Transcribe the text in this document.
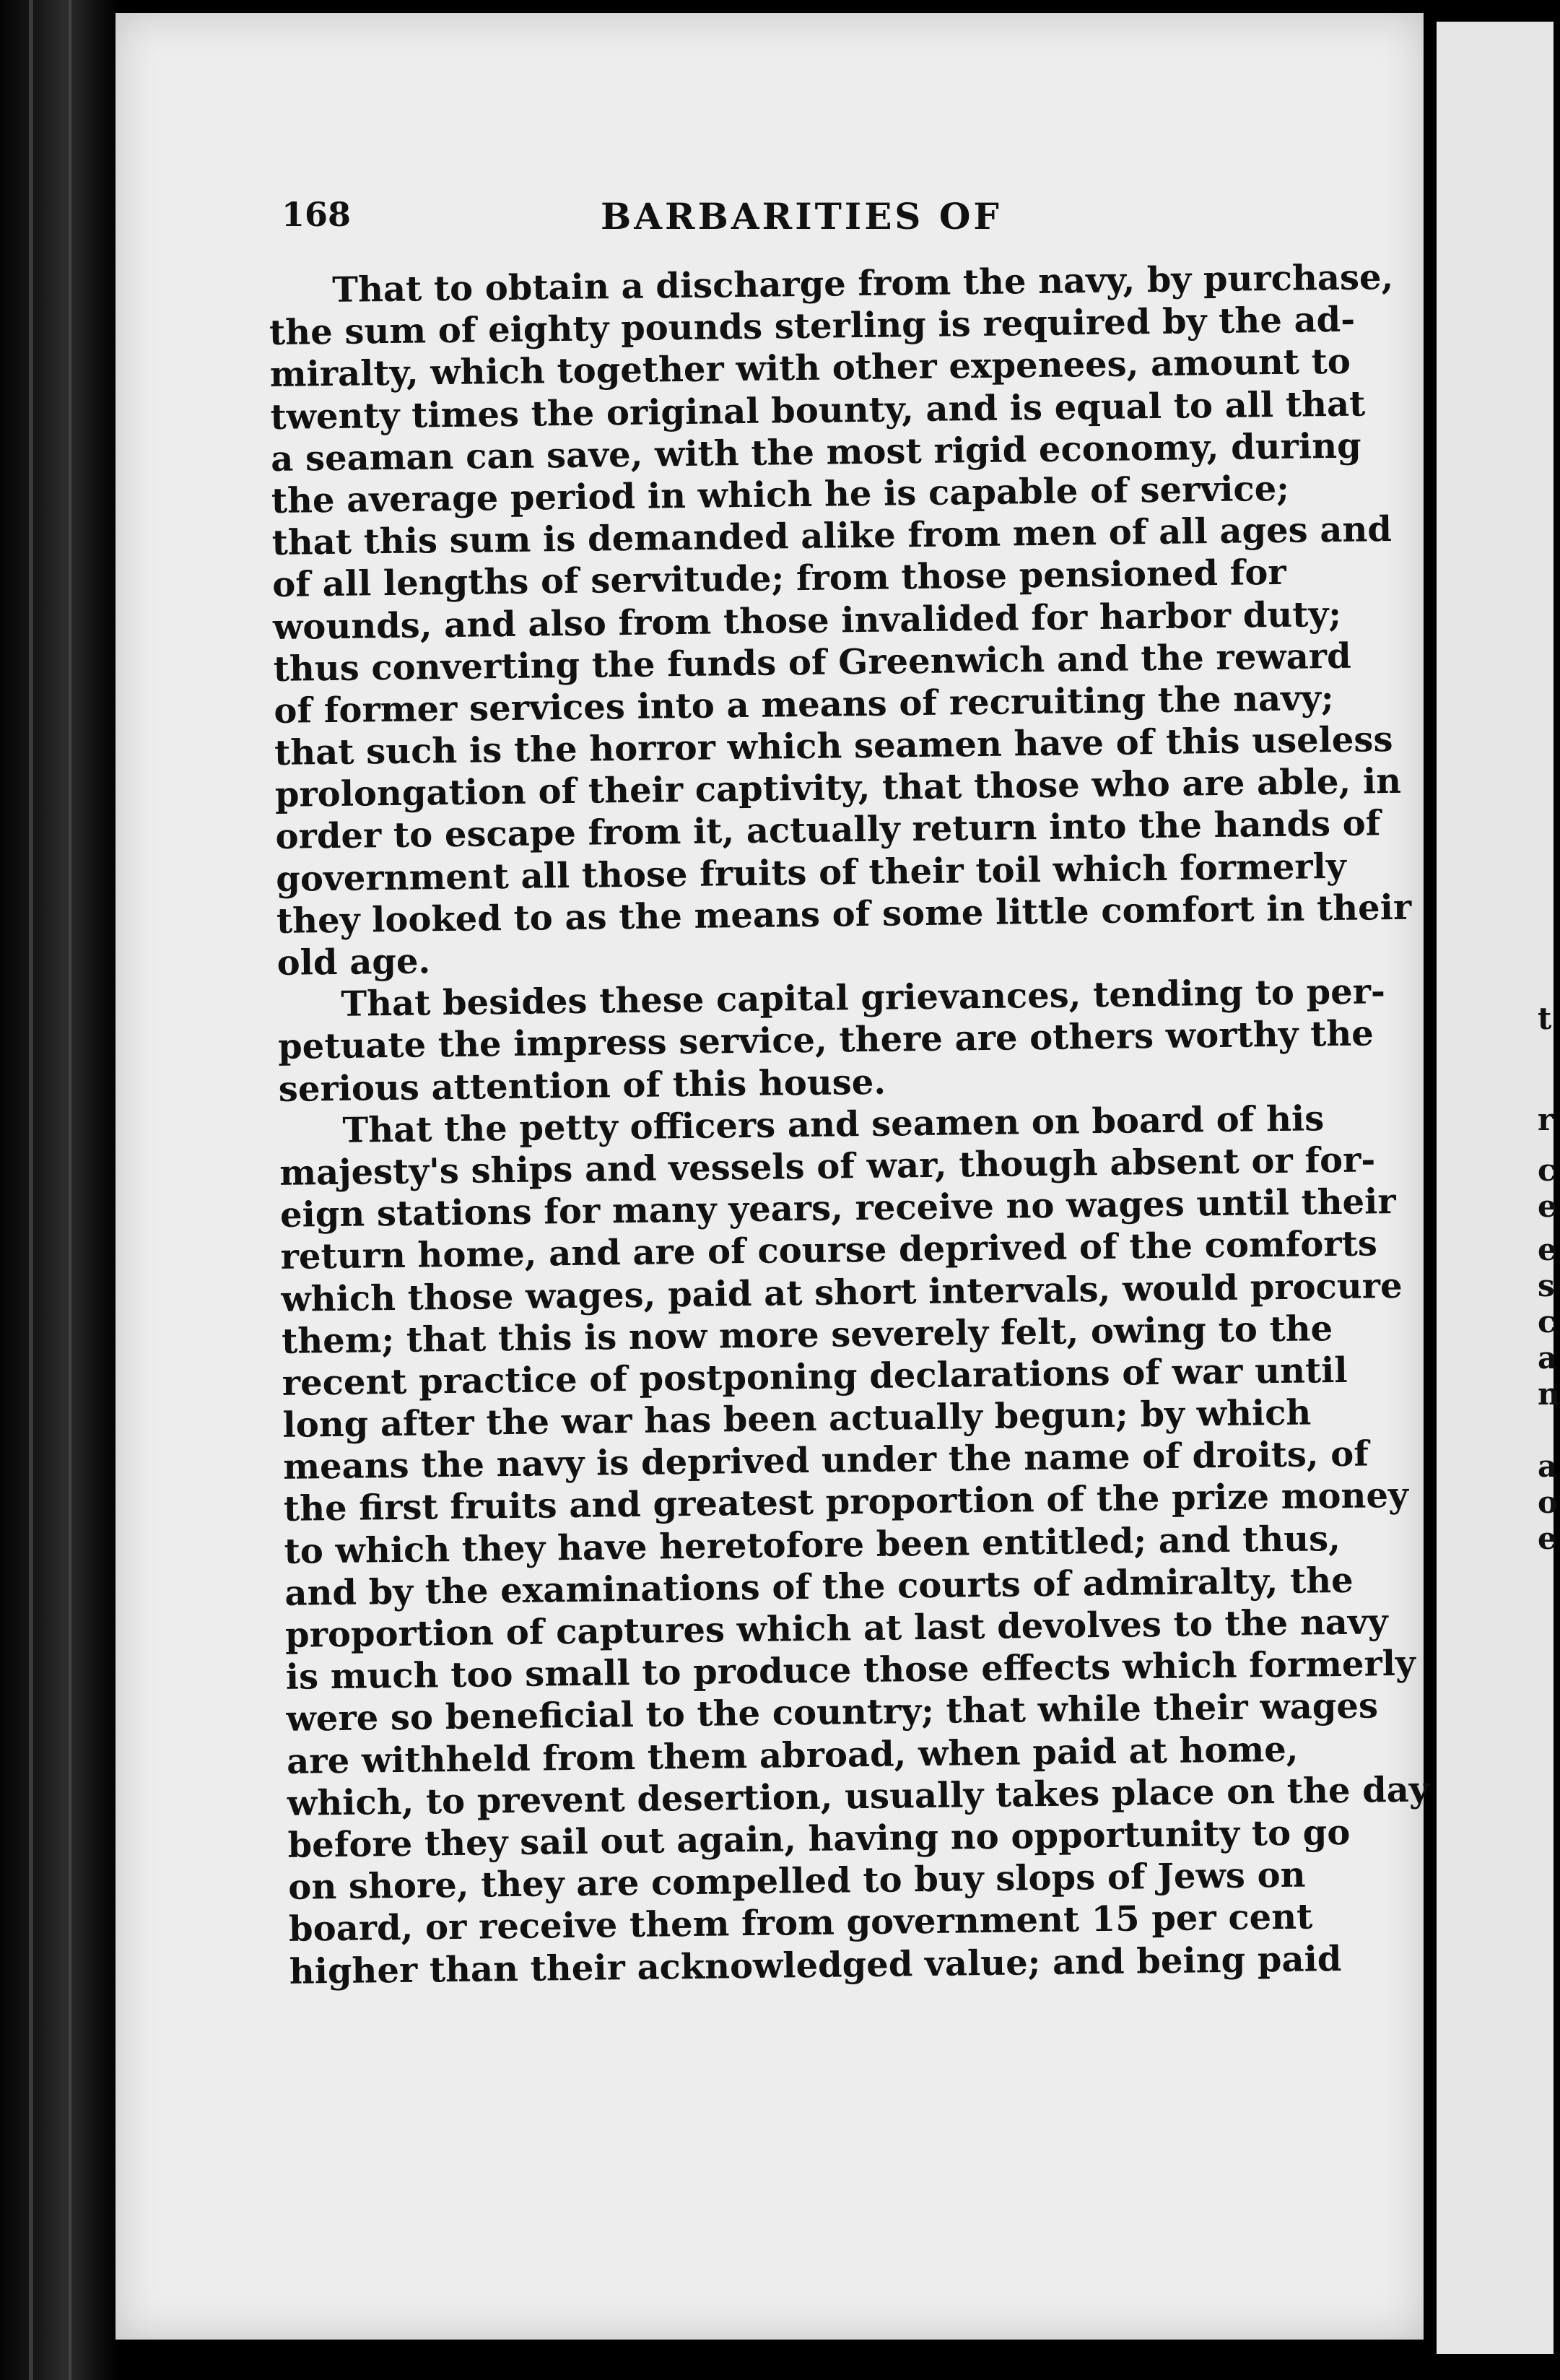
t
r
c
e
e
s
c
a
n
a
o
e
168	BARBARITIES OF
That to obtain a discharge from the navy, by purchase,
the sum of eighty pounds sterling is required by the ad-
miralty, which together with other expenees, amount to
twenty times the original bounty, and is equal to all that
a seaman can save, with the most rigid economy, during
the average period in which he is capable of service;
that this sum is demanded alike from men of all ages and
of all lengths of servitude; from those pensioned for
wounds, and also from those invalided for harbor duty;
thus converting the funds of Greenwich and the reward
of former services into a means of recruiting the navy;
that such is the horror which seamen have of this useless
prolongation of their captivity, that those who are able, in
order to escape from it, actually return into the hands of
government all those fruits of their toil which formerly
they looked to as the means of some little comfort in their
old age.
That besides these capital grievances, tending to per-
petuate the impress service, there are others worthy the
serious attention of this house.
That the petty officers and seamen on board of his
majesty's ships and vessels of war, though absent or for-
eign stations for many years, receive no wages until their
return home, and are of course deprived of the comforts
which those wages, paid at short intervals, would procure
them; that this is now more severely felt, owing to the
recent practice of postponing declarations of war until
long after the war has been actually begun; by which
means the navy is deprived under the name of droits, of
the first fruits and greatest proportion of the prize money
to which they have heretofore been entitled; and thus,
and by the examinations of the courts of admiralty, the
proportion of captures which at last devolves to the navy
is much too small to produce those effects which formerly
were so beneficial to the country; that while their wages
are withheld from them abroad, when paid at home,
which, to prevent desertion, usually takes place on the day
before they sail out again, having no opportunity to go
on shore, they are compelled to buy slops of Jews on
board, or receive them from government 15 per cent
higher than their acknowledged value; and being paid
